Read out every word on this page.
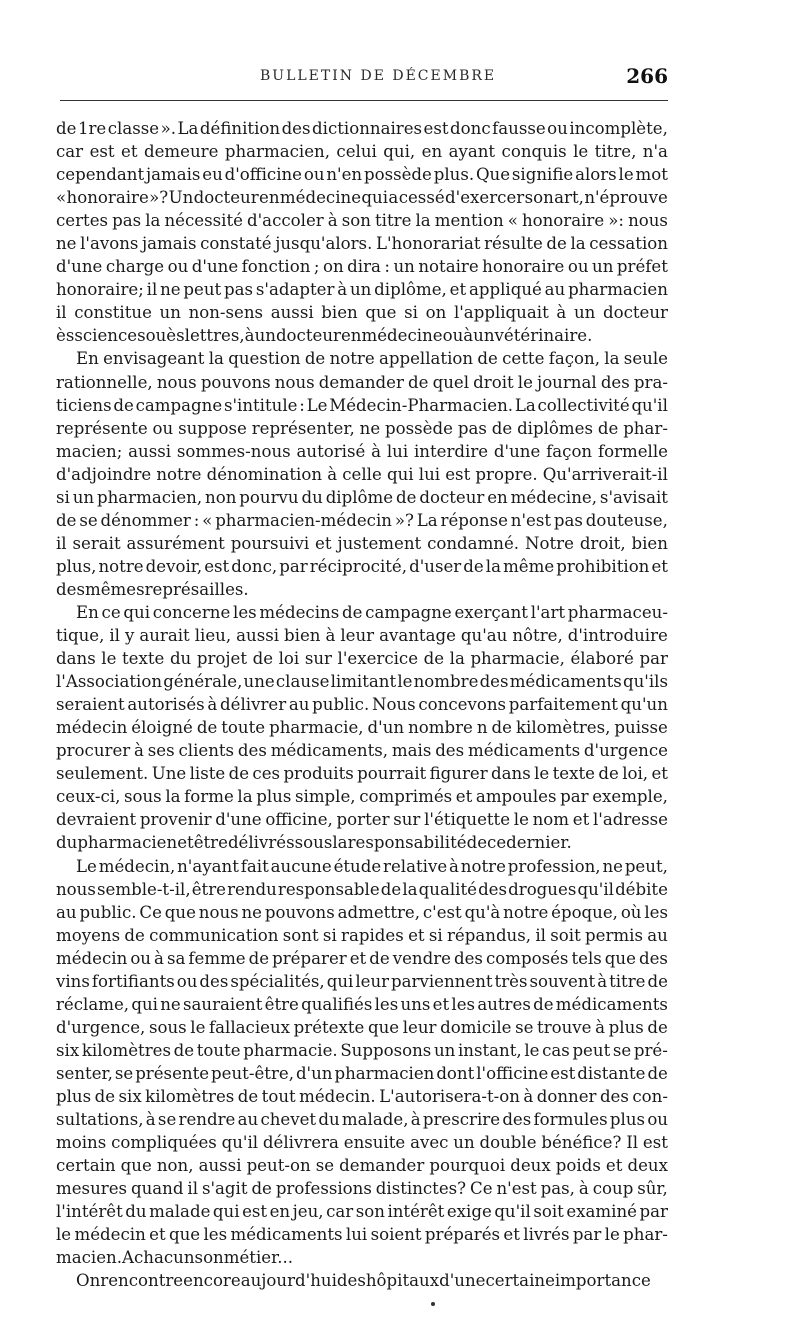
BULLETIN DE DÉCEMBRE	266
de 1re classe ». La définition des dictionnaires est donc fausse ou incomplète,
car est et demeure pharmacien, celui qui, en ayant conquis le titre, n'a
cependant jamais eu d'officine ou n'en possède plus. Que signifie alors le mot
« honoraire »? Un docteur en médecine qui a cessé d'exercer son art, n'éprouve
certes pas la nécessité d'accoler à son titre la mention « honoraire »: nous
ne l'avons jamais constaté jusqu'alors. L'honorariat résulte de la cessation
d'une charge ou d'une fonction ; on dira : un notaire honoraire ou un préfet
honoraire; il ne peut pas s'adapter à un diplôme, et appliqué au pharmacien
il constitue un non-sens aussi bien que si on l'appliquait à un docteur
ès sciences ou ès lettres, à un docteur en médecine ou à un vétérinaire.
En envisageant la question de notre appellation de cette façon, la seule
rationnelle, nous pouvons nous demander de quel droit le journal des pra-
ticiens de campagne s'intitule : Le Médecin-Pharmacien. La collectivité qu'il
représente ou suppose représenter, ne possède pas de diplômes de phar-
macien; aussi sommes-nous autorisé à lui interdire d'une façon formelle
d'adjoindre notre dénomination à celle qui lui est propre. Qu'arriverait-il
si un pharmacien, non pourvu du diplôme de docteur en médecine, s'avisait
de se dénommer : « pharmacien-médecin »? La réponse n'est pas douteuse,
il serait assurément poursuivi et justement condamné. Notre droit, bien
plus, notre devoir, est donc, par réciprocité, d'user de la même prohibition et
des mêmes représailles.
En ce qui concerne les médecins de campagne exerçant l'art pharmaceu-
tique, il y aurait lieu, aussi bien à leur avantage qu'au nôtre, d'introduire
dans le texte du projet de loi sur l'exercice de la pharmacie, élaboré par
l'Association générale, une clause limitant le nombre des médicaments qu'ils
seraient autorisés à délivrer au public. Nous concevons parfaitement qu'un
médecin éloigné de toute pharmacie, d'un nombre n de kilomètres, puisse
procurer à ses clients des médicaments, mais des médicaments d'urgence
seulement. Une liste de ces produits pourrait figurer dans le texte de loi, et
ceux-ci, sous la forme la plus simple, comprimés et ampoules par exemple,
devraient provenir d'une officine, porter sur l'étiquette le nom et l'adresse
du pharmacien et être délivrés sous la responsabilité de ce dernier.
Le médecin, n'ayant fait aucune étude relative à notre profession, ne peut,
nous semble-t-il, être rendu responsable de la qualité des drogues qu'il débite
au public. Ce que nous ne pouvons admettre, c'est qu'à notre époque, où les
moyens de communication sont si rapides et si répandus, il soit permis au
médecin ou à sa femme de préparer et de vendre des composés tels que des
vins fortifiants ou des spécialités, qui leur parviennent très souvent à titre de
réclame, qui ne sauraient être qualifiés les uns et les autres de médicaments
d'urgence, sous le fallacieux prétexte que leur domicile se trouve à plus de
six kilomètres de toute pharmacie. Supposons un instant, le cas peut se pré-
senter, se présente peut-être, d'un pharmacien dont l'officine est distante de
plus de six kilomètres de tout médecin. L'autorisera-t-on à donner des con-
sultations, à se rendre au chevet du malade, à prescrire des formules plus ou
moins compliquées qu'il délivrera ensuite avec un double bénéfice? Il est
certain que non, aussi peut-on se demander pourquoi deux poids et deux
mesures quand il s'agit de professions distinctes? Ce n'est pas, à coup sûr,
l'intérêt du malade qui est en jeu, car son intérêt exige qu'il soit examiné par
le médecin et que les médicaments lui soient préparés et livrés par le phar-
macien. A chacun son métier...
On rencontre encore aujourd'hui des hôpitaux d'une certaine importance
